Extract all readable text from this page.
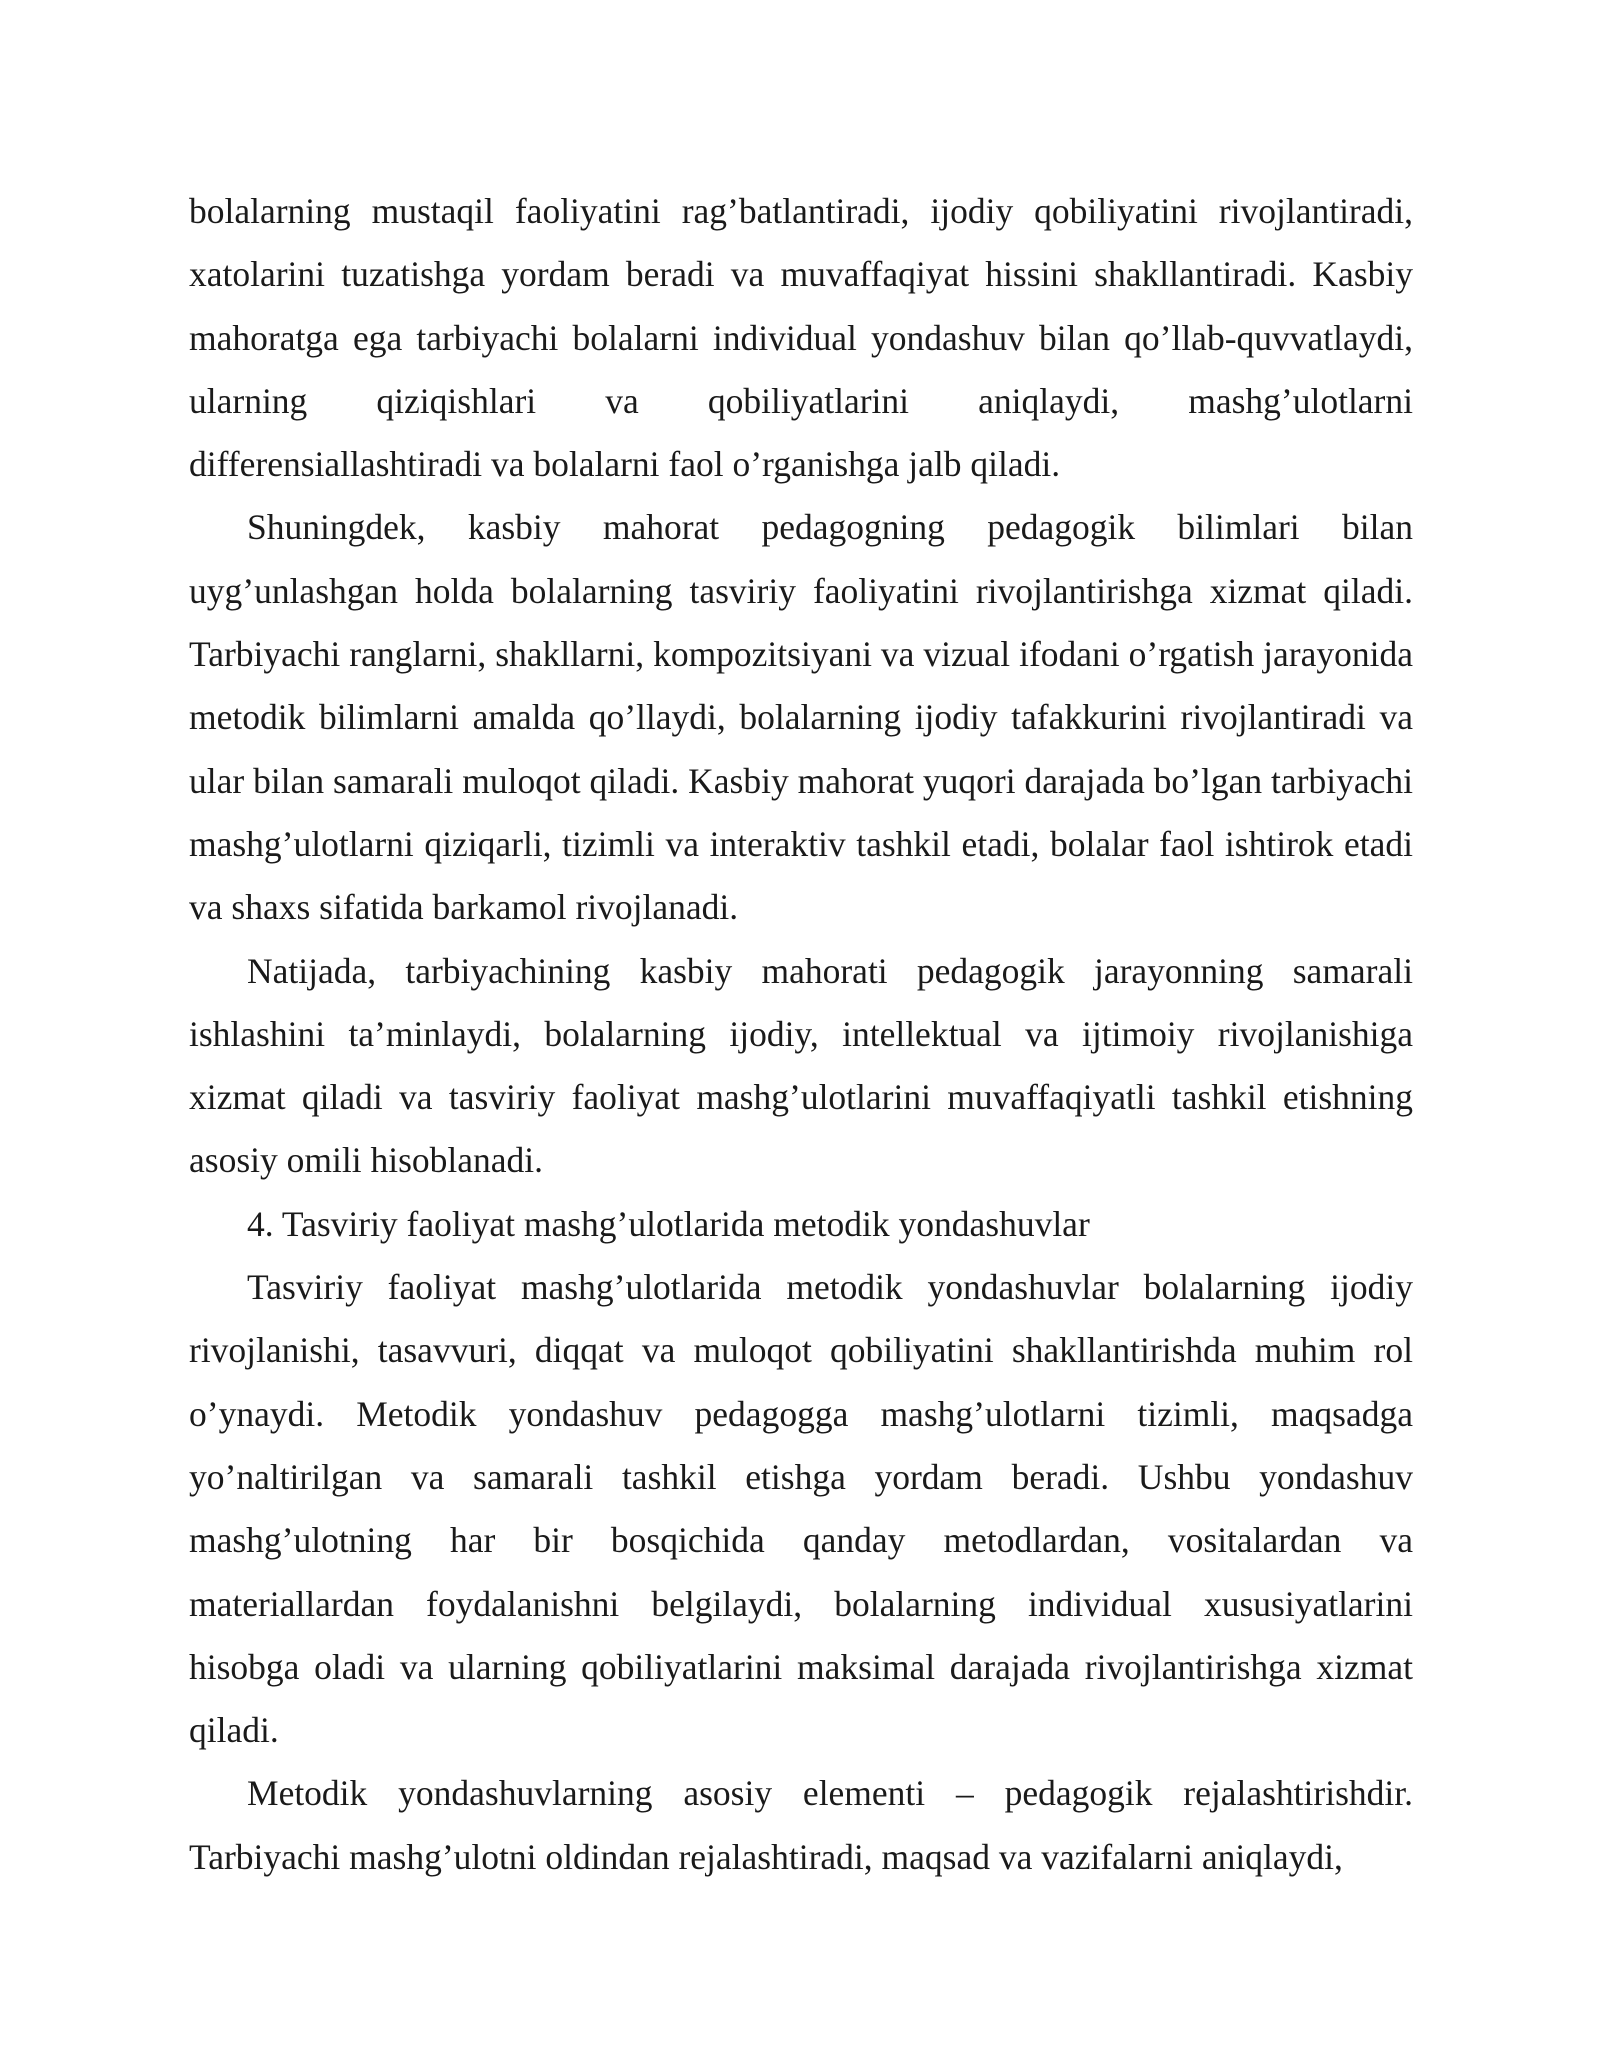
bolalarning mustaqil faoliyatini rag’batlantiradi, ijodiy qobiliyatini rivojlantiradi, xatolarini tuzatishga yordam beradi va muvaffaqiyat hissini shakllantiradi. Kasbiy mahoratga ega tarbiyachi bolalarni individual yondashuv bilan qo’llab-quvvatlaydi, ularning qiziqishlari va qobiliyatlarini aniqlaydi, mashg’ulotlarni differensiallashtiradi va bolalarni faol o’rganishga jalb qiladi.

Shuningdek, kasbiy mahorat pedagogning pedagogik bilimlari bilan uyg’unlashgan holda bolalarning tasviriy faoliyatini rivojlantirishga xizmat qiladi. Tarbiyachi ranglarni, shakllarni, kompozitsiyani va vizual ifodani o’rgatish jarayonida metodik bilimlarni amalda qo’llaydi, bolalarning ijodiy tafakkurini rivojlantiradi va ular bilan samarali muloqot qiladi. Kasbiy mahorat yuqori darajada bo’lgan tarbiyachi mashg’ulotlarni qiziqarli, tizimli va interaktiv tashkil etadi, bolalar faol ishtirok etadi va shaxs sifatida barkamol rivojlanadi.

Natijada, tarbiyachining kasbiy mahorati pedagogik jarayonning samarali ishlashini ta’minlaydi, bolalarning ijodiy, intellektual va ijtimoiy rivojlanishiga xizmat qiladi va tasviriy faoliyat mashg’ulotlarini muvaffaqiyatli tashkil etishning asosiy omili hisoblanadi.

4. Tasviriy faoliyat mashg’ulotlarida metodik yondashuvlar

Tasviriy faoliyat mashg’ulotlarida metodik yondashuvlar bolalarning ijodiy rivojlanishi, tasavvuri, diqqat va muloqot qobiliyatini shakllantirishda muhim rol o’ynaydi. Metodik yondashuv pedagogga mashg’ulotlarni tizimli, maqsadga yo’naltirilgan va samarali tashkil etishga yordam beradi. Ushbu yondashuv mashg’ulotning har bir bosqichida qanday metodlardan, vositalardan va materiallardan foydalanishni belgilaydi, bolalarning individual xususiyatlarini hisobga oladi va ularning qobiliyatlarini maksimal darajada rivojlantirishga xizmat qiladi.

Metodik yondashuvlarning asosiy elementi – pedagogik rejalashtirishdir. Tarbiyachi mashg’ulotni oldindan rejalashtiradi, maqsad va vazifalarni aniqlaydi,
